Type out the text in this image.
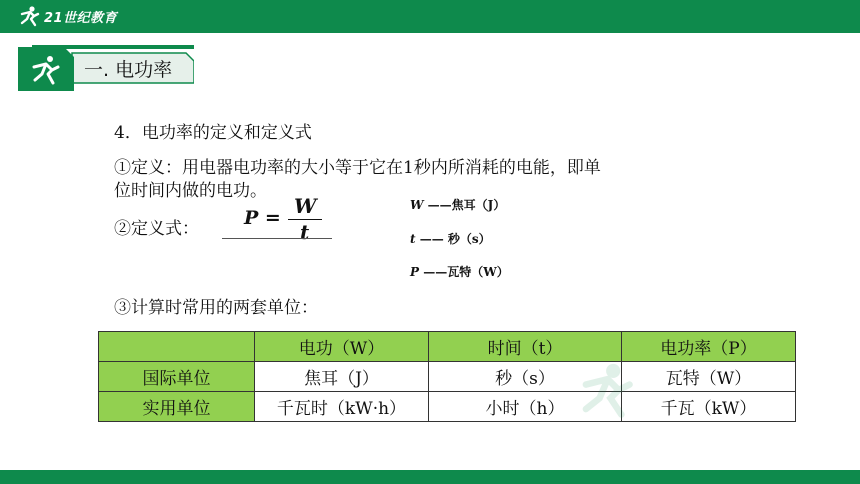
21世纪教育
一. 电功率
4．电功率的定义和定义式
①定义：用电器电功率的大小等于它在1秒内所消耗的电能，即单
位时间内做的电功。
②定义式： P = W
t
W ——焦耳（J）
t —— 秒（s）
P ——瓦特（W）
③计算时常用的两套单位：
	电功（W）	时间（t）	电功率（P）
国际单位	焦耳（J）	秒（s）	瓦特（W）
实用单位	千瓦时（kW·h）	小时（h）	千瓦（kW）
